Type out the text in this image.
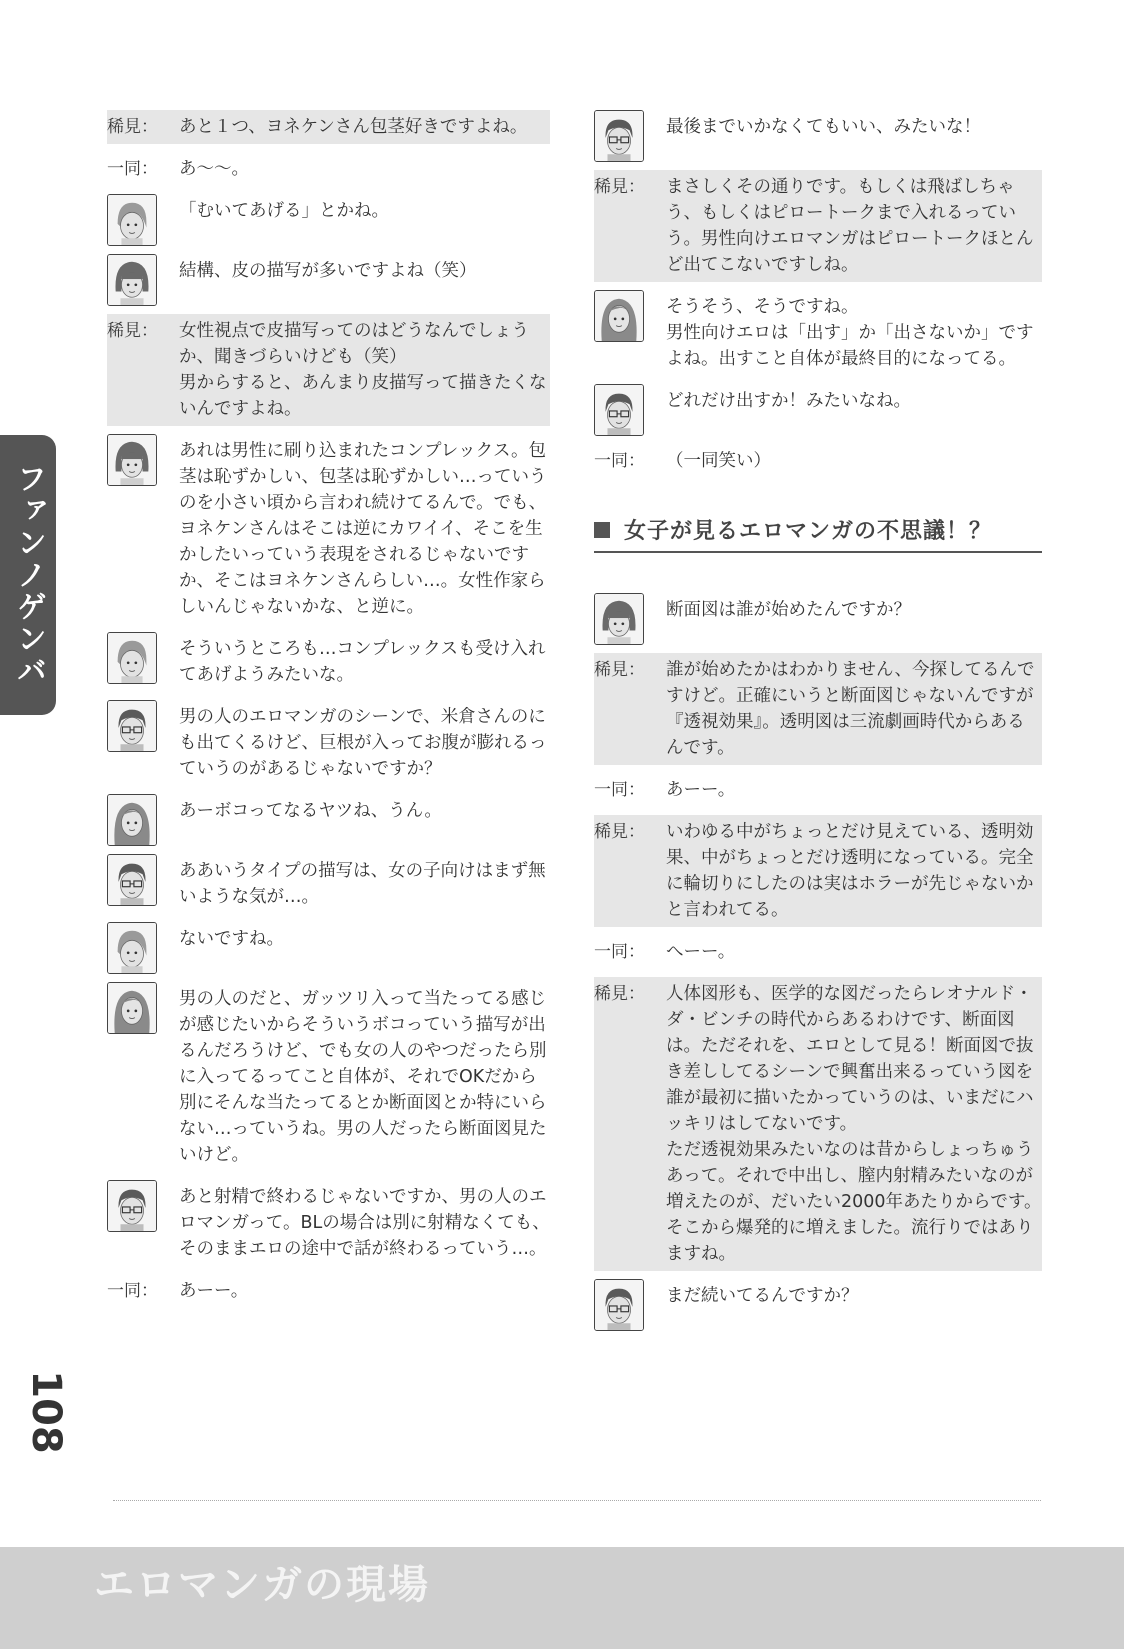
ファンノゲンバ
稀見：	あと１つ、ヨネケンさん包茎好きですよね。
一同：	あ〜〜。
「むいてあげる」とかね。
結構、皮の描写が多いですよね（笑）
稀見：	女性視点で皮描写ってのはどうなんでしょうか、聞きづらいけども（笑）
男からすると、あんまり皮描写って描きたくないんですよね。
あれは男性に刷り込まれたコンプレックス。包茎は恥ずかしい、包茎は恥ずかしい…っていうのを小さい頃から言われ続けてるんで。でも、ヨネケンさんはそこは逆にカワイイ、そこを生かしたいっていう表現をされるじゃないですか、そこはヨネケンさんらしい…。女性作家らしいんじゃないかな、と逆に。
そういうところも…コンプレックスも受け入れてあげようみたいな。
男の人のエロマンガのシーンで、米倉さんのにも出てくるけど、巨根が入ってお腹が膨れるっていうのがあるじゃないですか？
あーボコってなるヤツね、うん。
ああいうタイプの描写は、女の子向けはまず無いような気が…。
ないですね。
男の人のだと、ガッツリ入って当たってる感じが感じたいからそういうボコっていう描写が出るんだろうけど、でも女の人のやつだったら別に入ってるってこと自体が、それでOKだから別にそんな当たってるとか断面図とか特にいらない…っていうね。男の人だったら断面図見たいけど。
あと射精で終わるじゃないですか、男の人のエロマンガって。BLの場合は別に射精なくても、そのままエロの途中で話が終わるっていう…。
一同：	あーー。
最後までいかなくてもいい、みたいな！
稀見：	まさしくその通りです。もしくは飛ばしちゃう、もしくはピロートークまで入れるっていう。男性向けエロマンガはピロートークほとんど出てこないですしね。
そうそう、そうですね。
男性向けエロは「出す」か「出さないか」ですよね。出すこと自体が最終目的になってる。
どれだけ出すか！みたいなね。
一同：	（一同笑い）
女子が見るエロマンガの不思議！？
断面図は誰が始めたんですか？
稀見：	誰が始めたかはわかりません、今探してるんですけど。正確にいうと断面図じゃないんですが『透視効果』。透明図は三流劇画時代からあるんです。
一同：	あーー。
稀見：	いわゆる中がちょっとだけ見えている、透明効果、中がちょっとだけ透明になっている。完全に輪切りにしたのは実はホラーが先じゃないかと言われてる。
一同：	へーー。
稀見：	人体図形も、医学的な図だったらレオナルド・ダ・ビンチの時代からあるわけです、断面図は。ただそれを、エロとして見る！断面図で抜き差ししてるシーンで興奮出来るっていう図を誰が最初に描いたかっていうのは、いまだにハッキリはしてないです。
ただ透視効果みたいなのは昔からしょっちゅうあって。それで中出し、膣内射精みたいなのが増えたのが、だいたい2000年あたりからです。そこから爆発的に増えました。流行りではありますね。
まだ続いてるんですか？
108
エロマンガの現場
